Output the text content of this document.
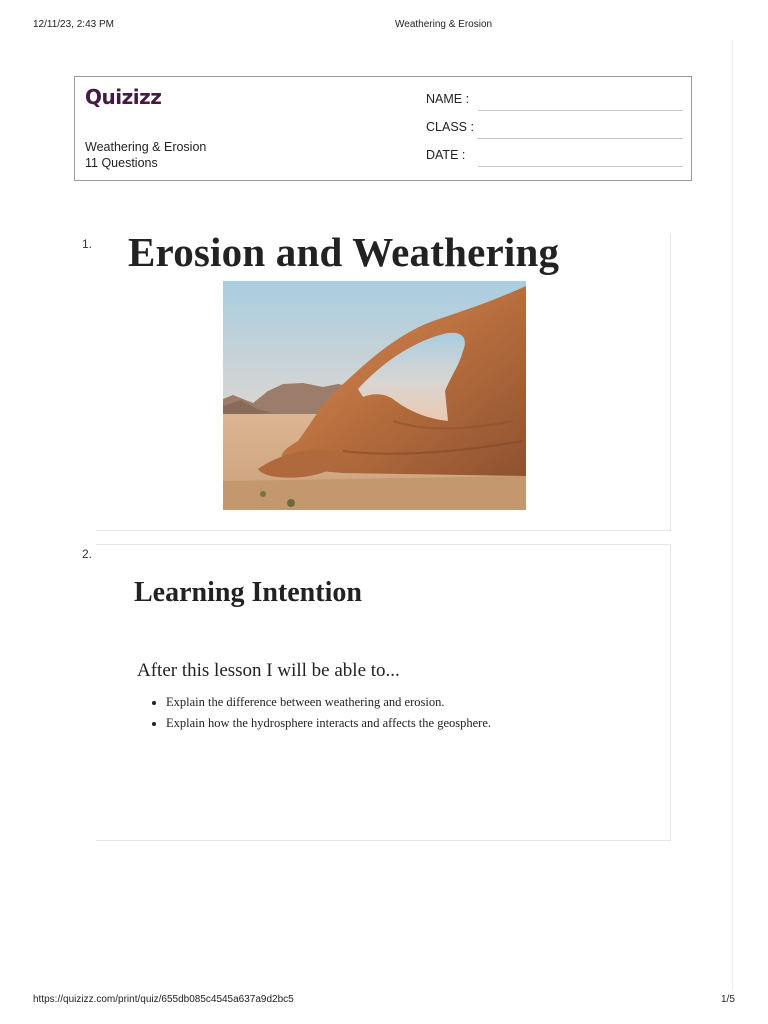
12/11/23, 2:43 PM	Weathering & Erosion
Quizizz
Weathering & Erosion
11 Questions
NAME :
CLASS :
DATE :
1. Erosion and Weathering
2.
Learning Intention
After this lesson I will be able to...
• Explain the difference between weathering and erosion.
• Explain how the hydrosphere interacts and affects the geosphere.
https://quizizz.com/print/quiz/655db085c4545a637a9d2bc5	1/5
